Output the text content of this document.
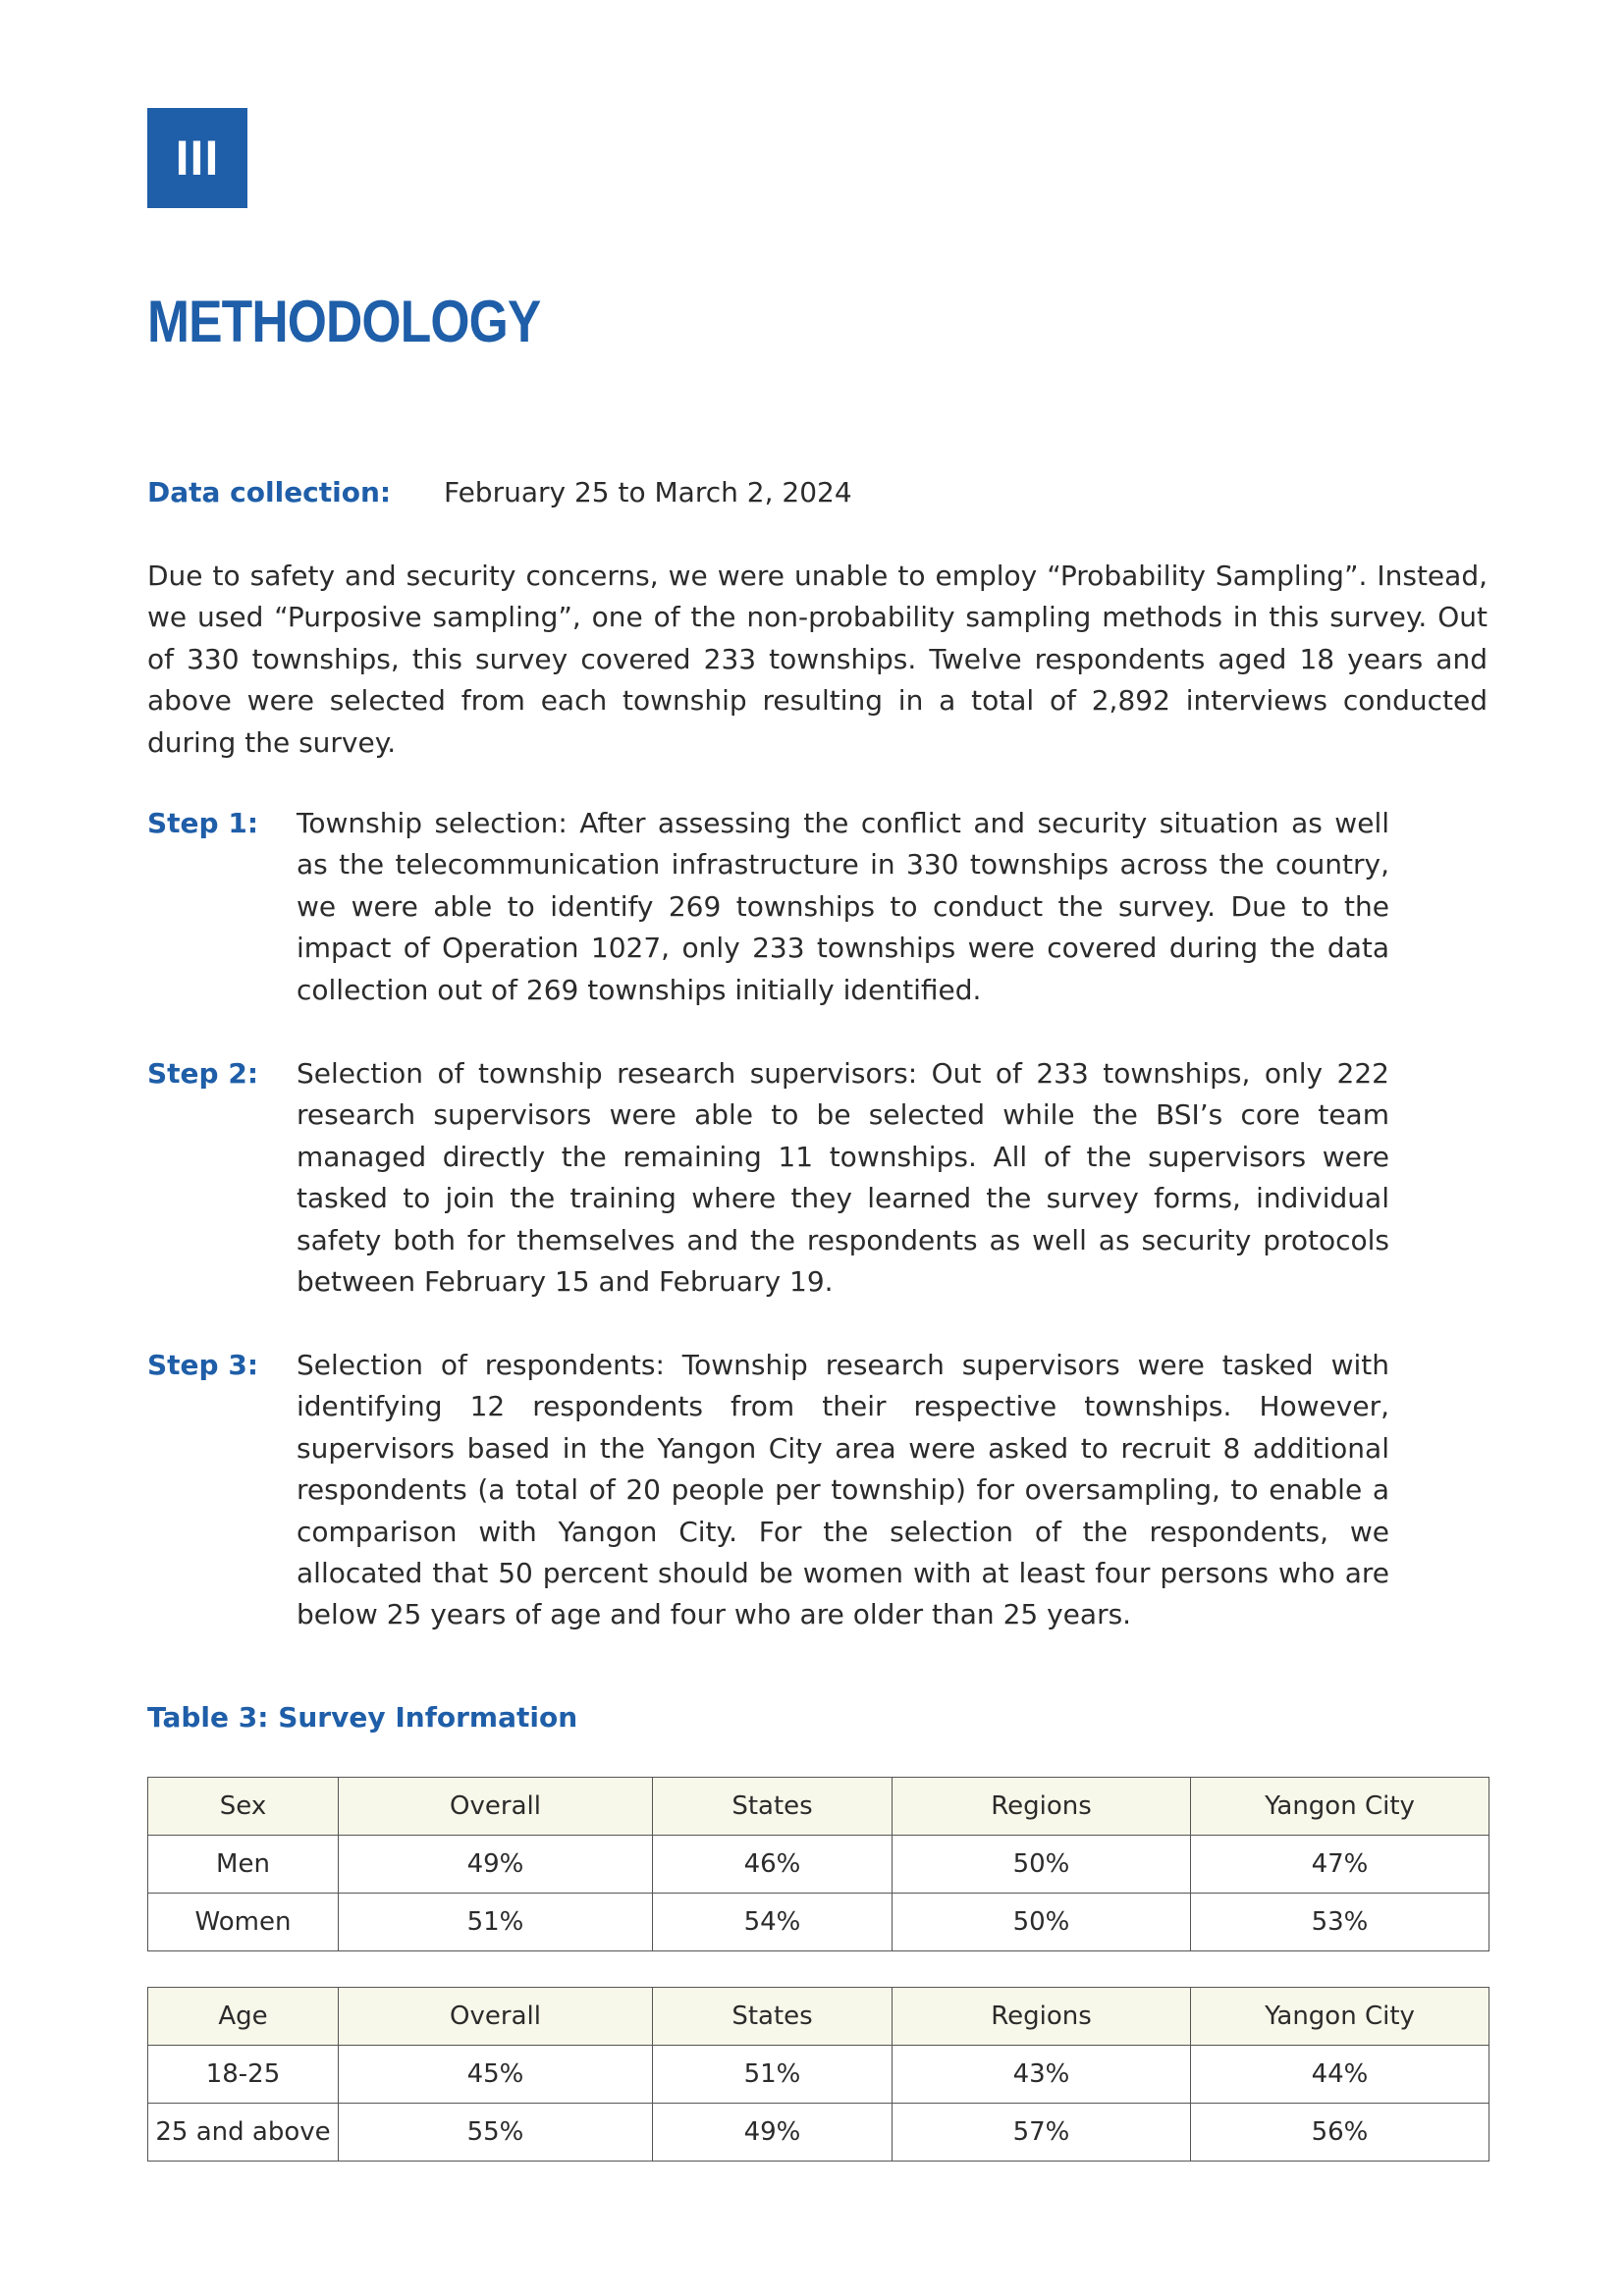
III
METHODOLOGY
Data collection: February 25 to March 2, 2024

Due to safety and security concerns, we were unable to employ “Probability Sampling”. Instead, we used “Purposive sampling”, one of the non-probability sampling methods in this survey. Out of 330 townships, this survey covered 233 townships. Twelve respondents aged 18 years and above were selected from each township resulting in a total of 2,892 interviews conducted during the survey.

Step 1: Township selection: After assessing the conflict and security situation as well as the telecommunication infrastructure in 330 townships across the country, we were able to identify 269 townships to conduct the survey. Due to the impact of Operation 1027, only 233 townships were covered during the data collection out of 269 townships initially identified.

Step 2: Selection of township research supervisors: Out of 233 townships, only 222 research supervisors were able to be selected while the BSI’s core team managed directly the remaining 11 townships. All of the supervisors were tasked to join the training where they learned the survey forms, individual safety both for themselves and the respondents as well as security protocols between February 15 and February 19.

Step 3: Selection of respondents: Township research supervisors were tasked with identifying 12 respondents from their respective townships. However, supervisors based in the Yangon City area were asked to recruit 8 additional respondents (a total of 20 people per township) for oversampling, to enable a comparison with Yangon City. For the selection of the respondents, we allocated that 50 percent should be women with at least four persons who are below 25 years of age and four who are older than 25 years.

Table 3: Survey Information

Sex	Overall	States	Regions	Yangon City
Men	49%	46%	50%	47%
Women	51%	54%	50%	53%
Age	Overall	States	Regions	Yangon City
18-25	45%	51%	43%	44%
25 and above	55%	49%	57%	56%
